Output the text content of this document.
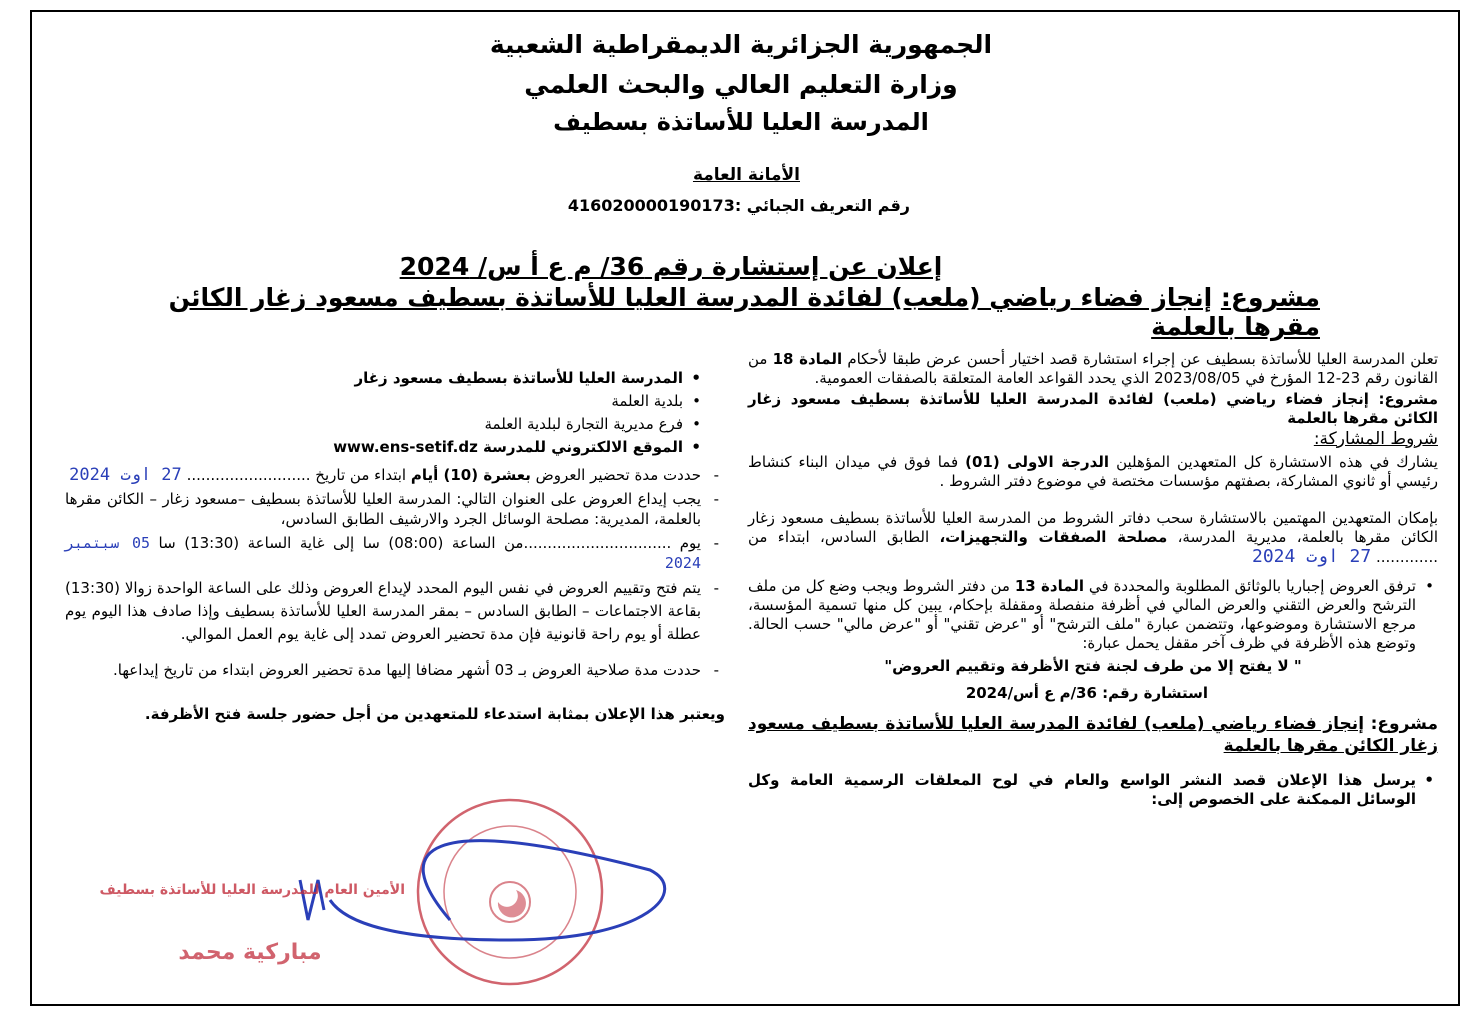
الجمهورية الجزائرية الديمقراطية الشعبية
وزارة التعليم العالي والبحث العلمي
المدرسة العليا للأساتذة بسطيف
الأمانة العامة
رقم التعريف الجبائي :416020000190173
إعلان عن إستشارة رقم 36/ م ع أ س/ 2024
مشروع: إنجاز فضاء رياضي (ملعب) لفائدة المدرسة العليا للأساتذة بسطيف مسعود زغار الكائن مقرها بالعلمة
تعلن المدرسة العليا للأساتذة بسطيف عن إجراء استشارة قصد اختيار أحسن عرض طبقا لأحكام المادة 18 من القانون رقم 23-12 المؤرخ في 2023/08/05 الذي يحدد القواعد العامة المتعلقة بالصفقات العمومية.
مشروع: إنجاز فضاء رياضي (ملعب) لفائدة المدرسة العليا للأساتذة بسطيف مسعود زغار الكائن مقرها بالعلمة
شروط المشاركة:
يشارك في هذه الاستشارة كل المتعهدين المؤهلين الدرجة الاولى (01) فما فوق في ميدان البناء كنشاط رئيسي أو ثانوي المشاركة، بصفتهم مؤسسات مختصة في موضوع دفتر الشروط .
بإمكان المتعهدين المهتمين بالاستشارة سحب دفاتر الشروط من المدرسة العليا للأساتذة بسطيف مسعود زغار الكائن مقرها بالعلمة، مديرية المدرسة، مصلحة الصفقات والتجهيزات، الطابق السادس، ابتداء من ............. 27 اوت 2024
• ترفق العروض إجباريا بالوثائق المطلوبة والمحددة في المادة 13 من دفتر الشروط ويجب وضع كل من ملف الترشح والعرض التقني والعرض المالي في أظرفة منفصلة ومقفلة بإحكام، يبين كل منها تسمية المؤسسة، مرجع الاستشارة وموضوعها، وتتضمن عبارة "ملف الترشح" أو "عرض تقني" أو "عرض مالي" حسب الحالة. وتوضع هذه الأظرفة في ظرف آخر مقفل يحمل عبارة:
" لا يفتح إلا من طرف لجنة فتح الأظرفة وتقييم العروض"
استشارة رقم: 36/م ع أس/2024
مشروع: إنجاز فضاء رياضي (ملعب) لفائدة المدرسة العليا للأساتذة بسطيف مسعود زغار الكائن مقرها بالعلمة
• يرسل هذا الإعلان قصد النشر الواسع والعام في لوح المعلقات الرسمية العامة وكل الوسائل الممكنة على الخصوص إلى:
• المدرسة العليا للأساتذة بسطيف مسعود زغار
• بلدية العلمة
• فرع مديرية التجارة لبلدية العلمة
• الموقع الالكتروني للمدرسة www.ens-setif.dz
- حددت مدة تحضير العروض بعشرة (10) أيام ابتداء من تاريخ .......................... 27 اوت 2024
- يجب إيداع العروض على العنوان التالي: المدرسة العليا للأساتذة بسطيف –مسعود زغار – الكائن مقرها بالعلمة، المديرية: مصلحة الوسائل الجرد والارشيف الطابق السادس،
- يوم ...............................من الساعة (08:00) سا إلى غاية الساعة (13:30) سا 05 سبتمبر 2024
- يتم فتح وتقييم العروض في نفس اليوم المحدد لإيداع العروض وذلك على الساعة الواحدة زوالا (13:30) بقاعة الاجتماعات – الطابق السادس – بمقر المدرسة العليا للأساتذة بسطيف وإذا صادف هذا اليوم يوم عطلة أو يوم راحة قانونية فإن مدة تحضير العروض تمدد إلى غاية يوم العمل الموالي.
- حددت مدة صلاحية العروض بـ 03 أشهر مضافا إليها مدة تحضير العروض ابتداء من تاريخ إيداعها.
ويعتبر هذا الإعلان بمثابة استدعاء للمتعهدين من أجل حضور جلسة فتح الأظرفة.
الأمين العام للمدرسة العليا للأساتذة بسطيف
مباركية محمد
